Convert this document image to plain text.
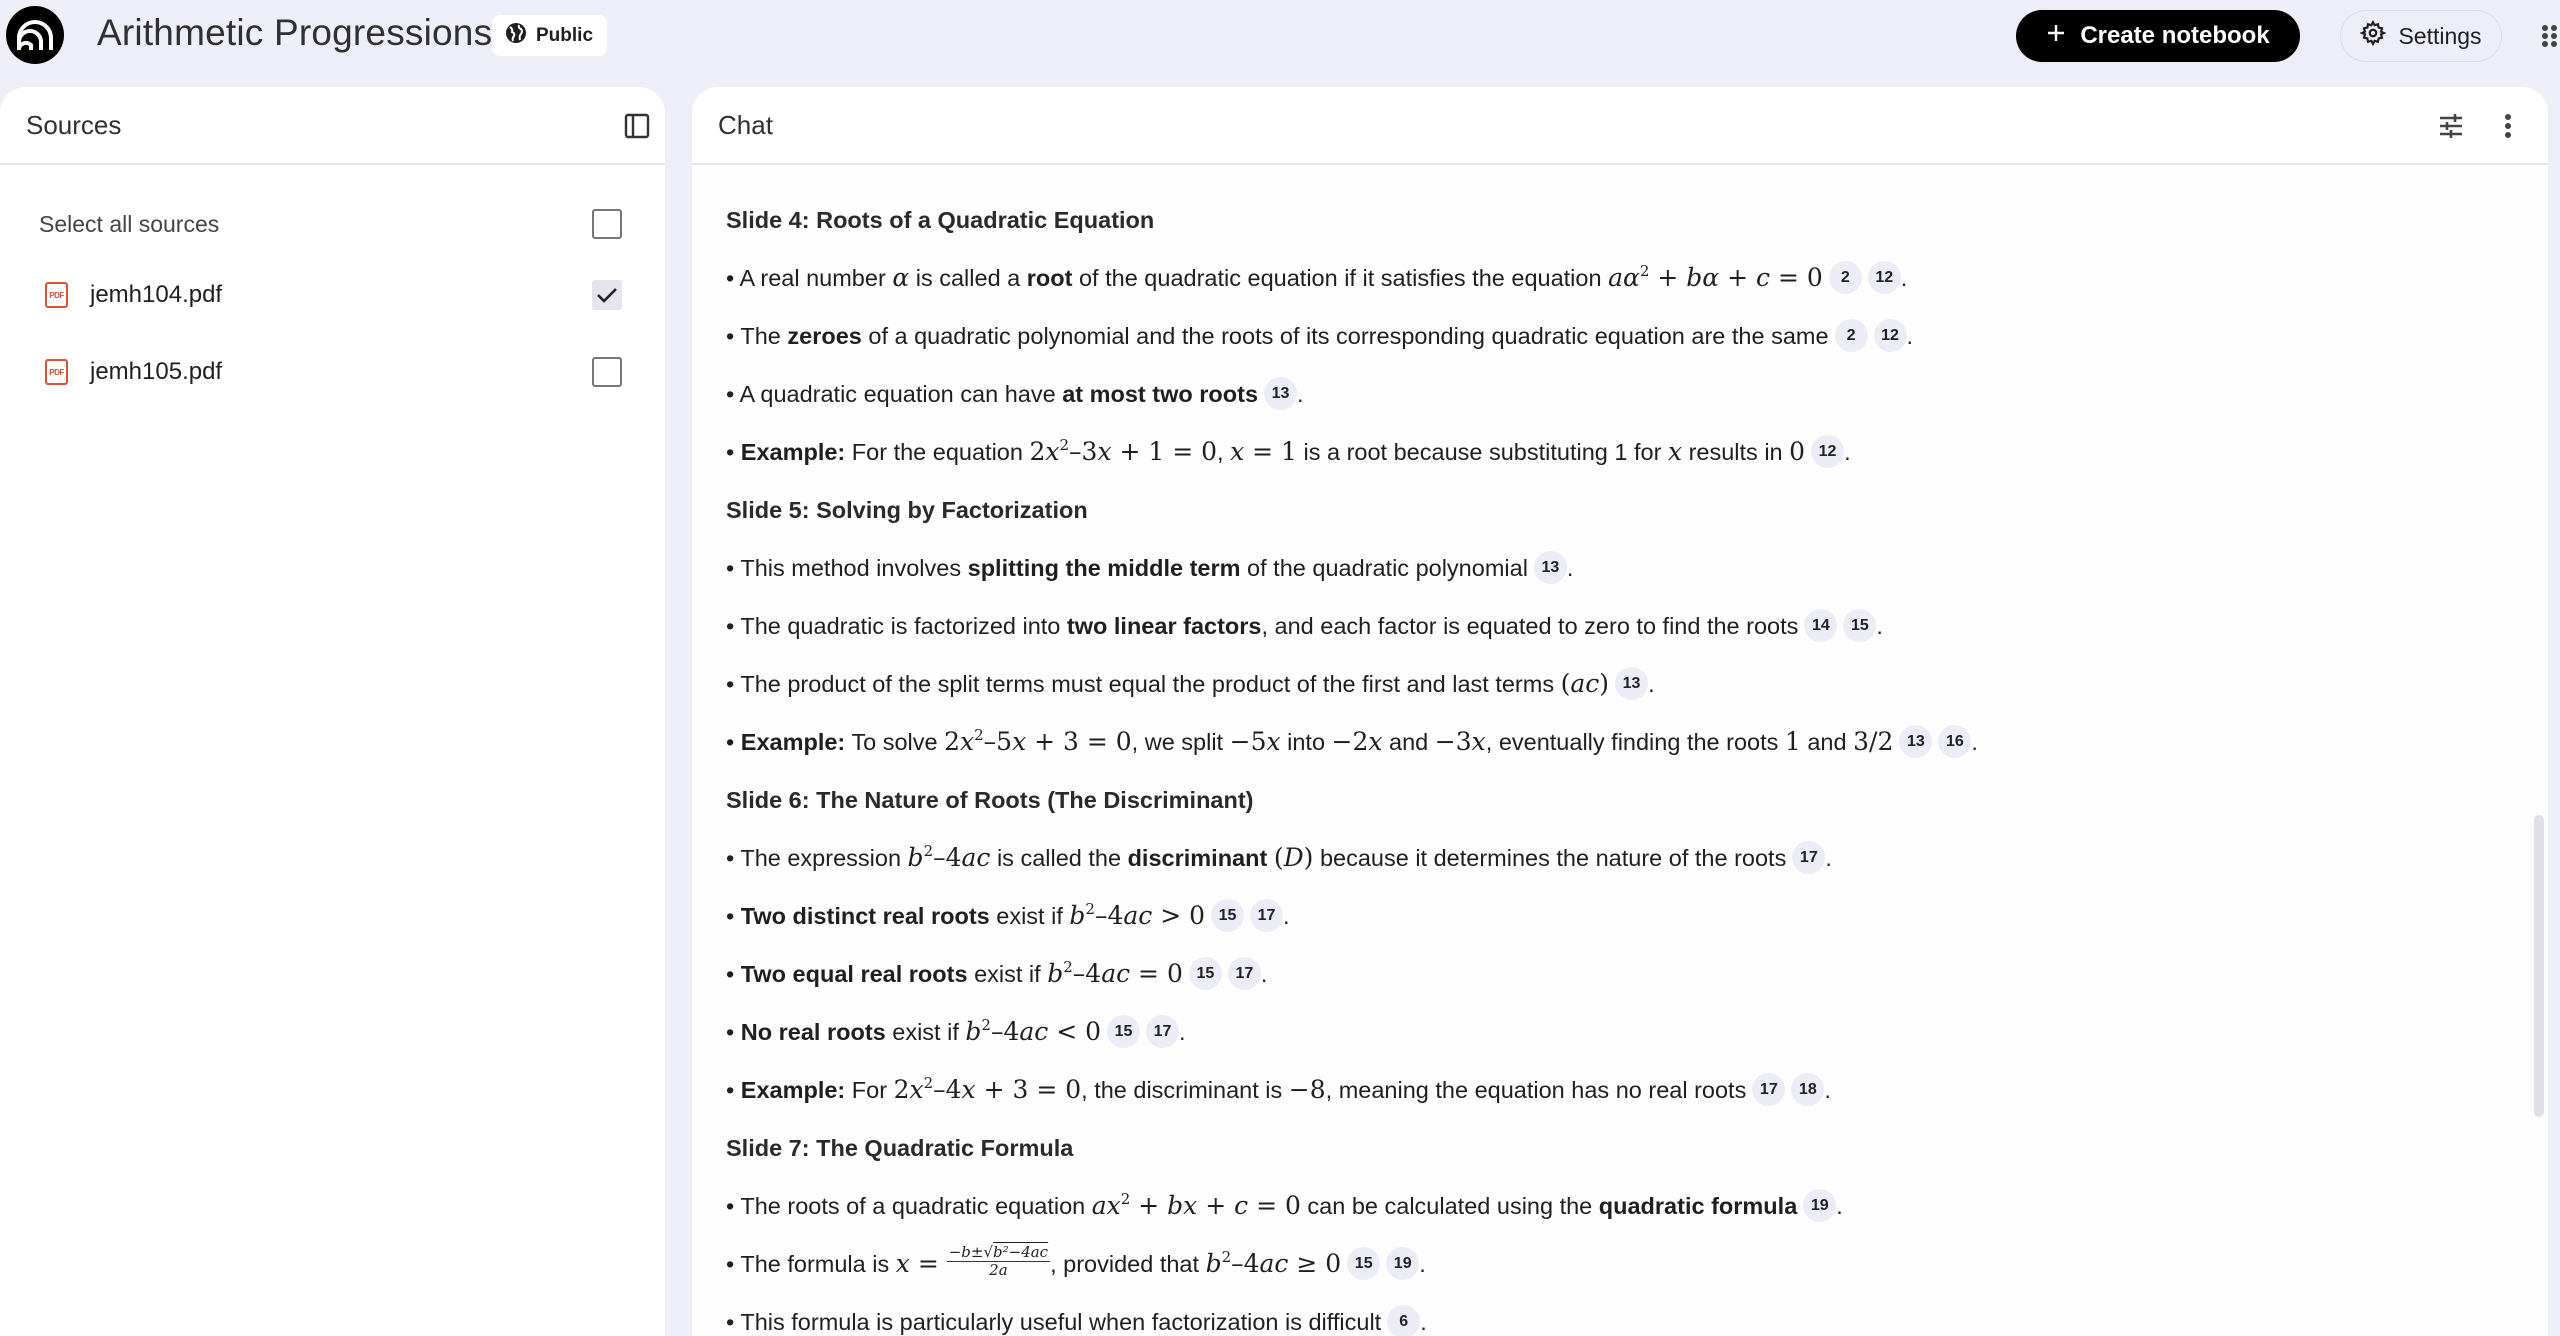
Arithmetic Progressions Public	Create notebook	Settings
Sources
Select all sources
PDF jemh104.pdf
PDF jemh105.pdf
Chat
Slide 4: Roots of a Quadratic Equation
• A real number α is called a root of the quadratic equation if it satisfies the equation $a\alpha^2 + b\alpha + c = 0$ 2 12 .
• The zeroes of a quadratic polynomial and the roots of its corresponding quadratic equation are the same 2 12 .
• A quadratic equation can have at most two roots 13 .
• Example: For the equation $2x^2-3x + 1 = 0$, x = 1 is a root because substituting 1 for x results in 0 12 .
Slide 5: Solving by Factorization
• This method involves splitting the middle term of the quadratic polynomial 13 .
• The quadratic is factorized into two linear factors, and each factor is equated to zero to find the roots 14 15 .
• The product of the split terms must equal the product of the first and last terms (ac) 13 .
• Example: To solve $2x^2-5x + 3 = 0$, we split −5x into −2x and −3x, eventually finding the roots 1 and 3/2 13 16 .
Slide 6: The Nature of Roots (The Discriminant)
• The expression $b^2-4ac$ is called the discriminant (D) because it determines the nature of the roots 17 .
• Two distinct real roots exist if $b^2-4ac > 0$ 15 17 .
• Two equal real roots exist if $b^2-4ac = 0$ 15 17 .
• No real roots exist if $b^2-4ac < 0$ 15 17 .
• Example: For $2x^2-4x + 3 = 0$, the discriminant is −8, meaning the equation has no real roots 17 18 .
Slide 7: The Quadratic Formula
• The roots of a quadratic equation $ax^2$ + bx + c = 0 can be calculated using the quadratic formula 19 .
• The formula is $x = \frac{\text{−b±√b²−4ac}}{2a}$ , provided that $b^2-4ac \ge 0$ 15 19 .
• This formula is particularly useful when factorization is difficult 6 .
